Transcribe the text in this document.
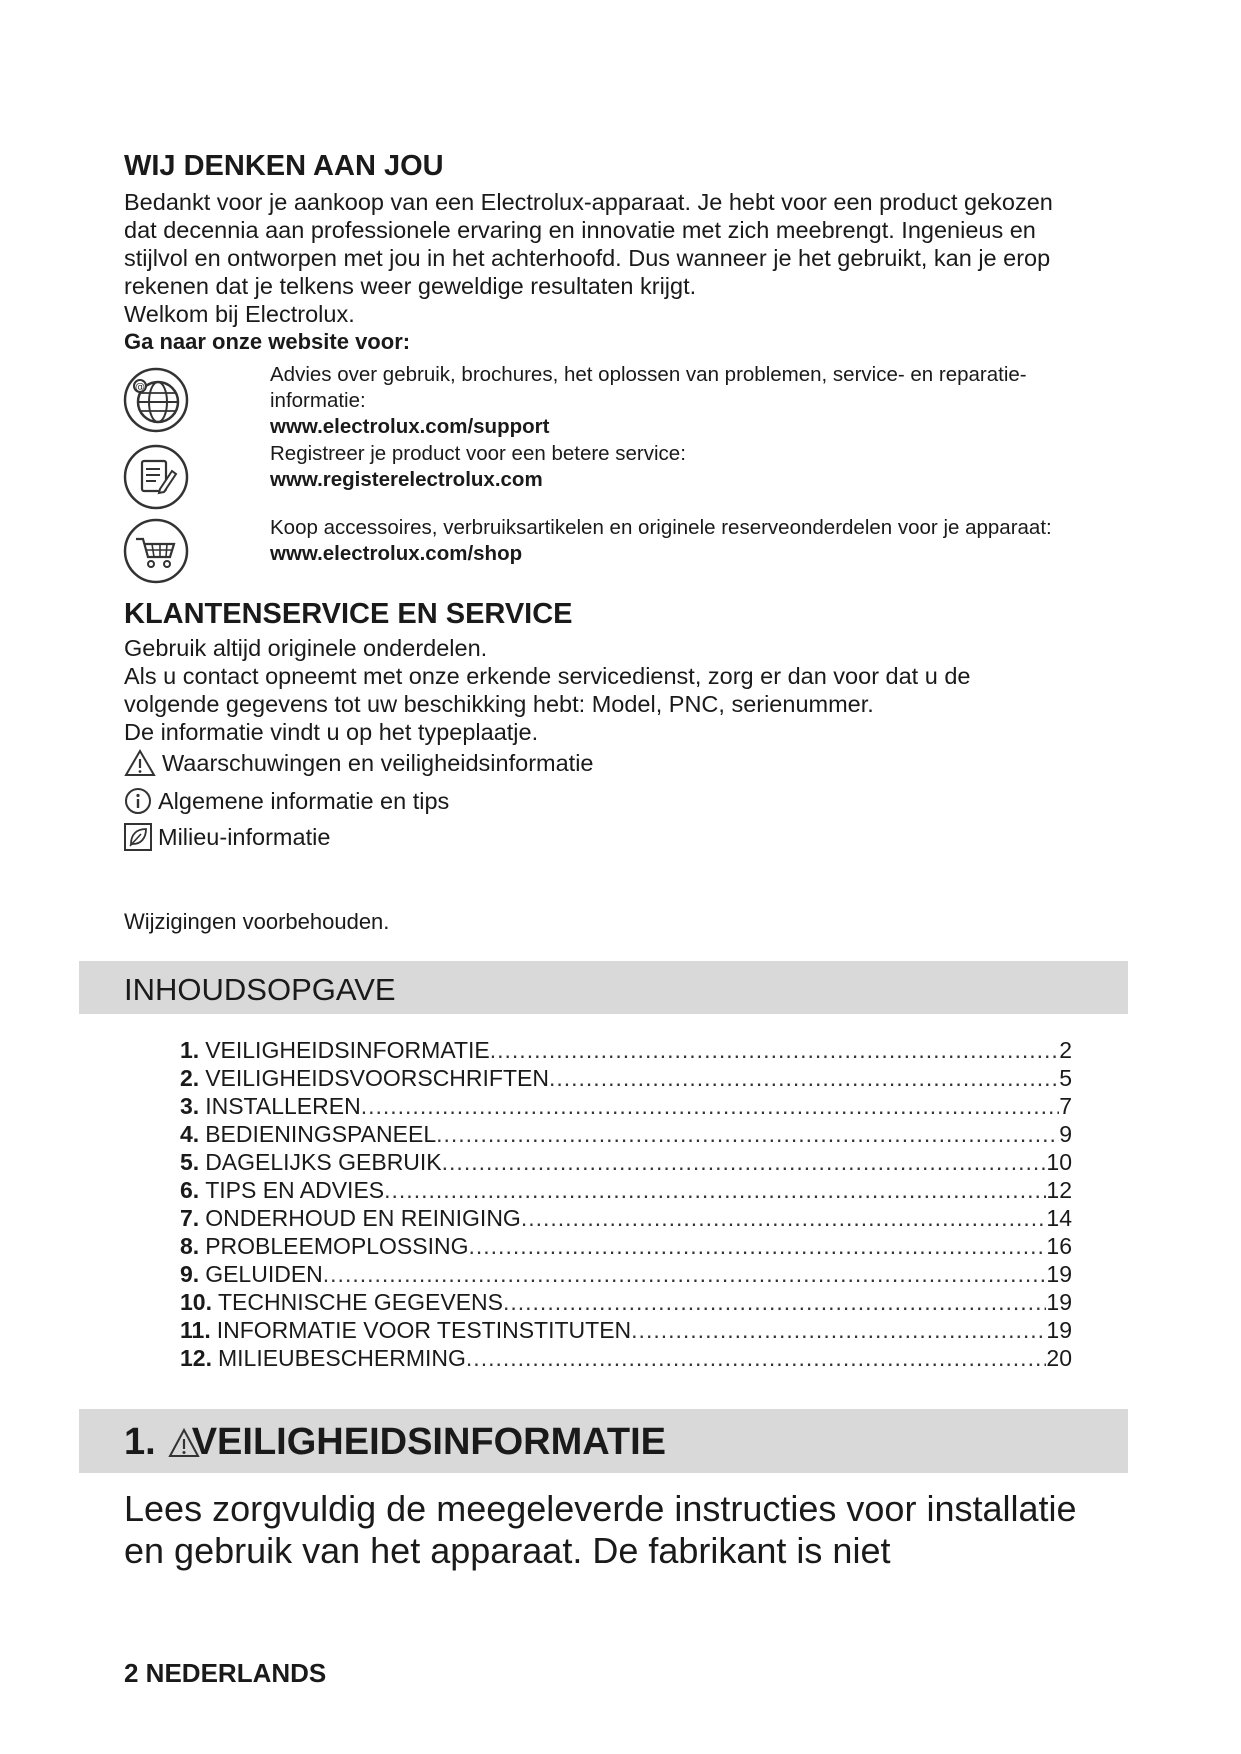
WIJ DENKEN AAN JOU
Bedankt voor je aankoop van een Electrolux-apparaat. Je hebt voor een product gekozen
dat decennia aan professionele ervaring en innovatie met zich meebrengt. Ingenieus en
stijlvol en ontworpen met jou in het achterhoofd. Dus wanneer je het gebruikt, kan je erop
rekenen dat je telkens weer geweldige resultaten krijgt.
Welkom bij Electrolux.
Ga naar onze website voor:
@
Advies over gebruik, brochures, het oplossen van problemen, service- en reparatie-
informatie:
www.electrolux.com/support
Registreer je product voor een betere service:
www.registerelectrolux.com
Koop accessoires, verbruiksartikelen en originele reserveonderdelen voor je apparaat:
www.electrolux.com/shop
KLANTENSERVICE EN SERVICE
Gebruik altijd originele onderdelen.
Als u contact opneemt met onze erkende servicedienst, zorg er dan voor dat u de
volgende gegevens tot uw beschikking hebt: Model, PNC, serienummer.
De informatie vindt u op het typeplaatje.
Waarschuwingen en veiligheidsinformatie
Algemene informatie en tips
Milieu-informatie
Wijzigingen voorbehouden.
INHOUDSOPGAVE
1. VEILIGHEIDSINFORMATIE .....	2
2. VEILIGHEIDSVOORSCHRIFTEN .....	5
3. INSTALLEREN .....	7
4. BEDIENINGSPANEEL .....	9
5. DAGELIJKS GEBRUIK .....	10
6. TIPS EN ADVIES .....	12
7. ONDERHOUD EN REINIGING .....	14
8. PROBLEEMOPLOSSING .....	16
9. GELUIDEN .....	19
10. TECHNISCHE GEGEVENS .....	19
11. INFORMATIE VOOR TESTINSTITUTEN .....	19
12. MILIEUBESCHERMING .....	20
1. VEILIGHEIDSINFORMATIE
Lees zorgvuldig de meegeleverde instructies voor installatie
en gebruik van het apparaat. De fabrikant is niet
2 NEDERLANDS
